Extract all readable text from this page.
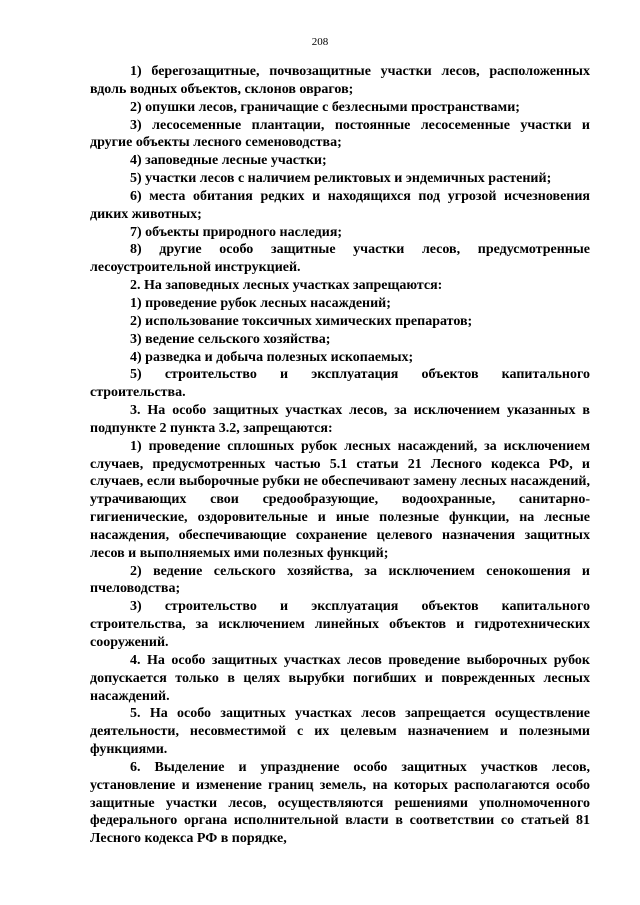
208

1) берегозащитные, почвозащитные участки лесов, расположенных вдоль водных объектов, склонов оврагов;

2) опушки лесов, граничащие с безлесными пространствами;

3) лесосеменные плантации, постоянные лесосеменные участки и другие объекты лесного семеноводства;

4) заповедные лесные участки;

5) участки лесов с наличием реликтовых и эндемичных растений;

6) места обитания редких и находящихся под угрозой исчезновения диких животных;

7) объекты природного наследия;

8) другие особо защитные участки лесов, предусмотренные лесоустроительной инструкцией.

2. На заповедных лесных участках запрещаются:

1) проведение рубок лесных насаждений;

2) использование токсичных химических препаратов;

3) ведение сельского хозяйства;

4) разведка и добыча полезных ископаемых;

5) строительство и эксплуатация объектов капитального строительства.

3. На особо защитных участках лесов, за исключением указанных в подпункте 2 пункта 3.2, запрещаются:

1) проведение сплошных рубок лесных насаждений, за исключением случаев, предусмотренных частью 5.1 статьи 21 Лесного кодекса РФ, и случаев, если выборочные рубки не обеспечивают замену лесных насаждений, утрачивающих свои средообразующие, водоохранные, санитарно-гигиенические, оздоровительные и иные полезные функции, на лесные насаждения, обеспечивающие сохранение целевого назначения защитных лесов и выполняемых ими полезных функций;

2) ведение сельского хозяйства, за исключением сенокошения и пчеловодства;

3) строительство и эксплуатация объектов капитального строительства, за исключением линейных объектов и гидротехнических сооружений.

4. На особо защитных участках лесов проведение выборочных рубок допускается только в целях вырубки погибших и поврежденных лесных насаждений.

5. На особо защитных участках лесов запрещается осуществление деятельности, несовместимой с их целевым назначением и полезными функциями.

6. Выделение и упразднение особо защитных участков лесов, установление и изменение границ земель, на которых располагаются особо защитные участки лесов, осуществляются решениями уполномоченного федерального органа исполнительной власти в соответствии со статьей 81 Лесного кодекса РФ в порядке,
